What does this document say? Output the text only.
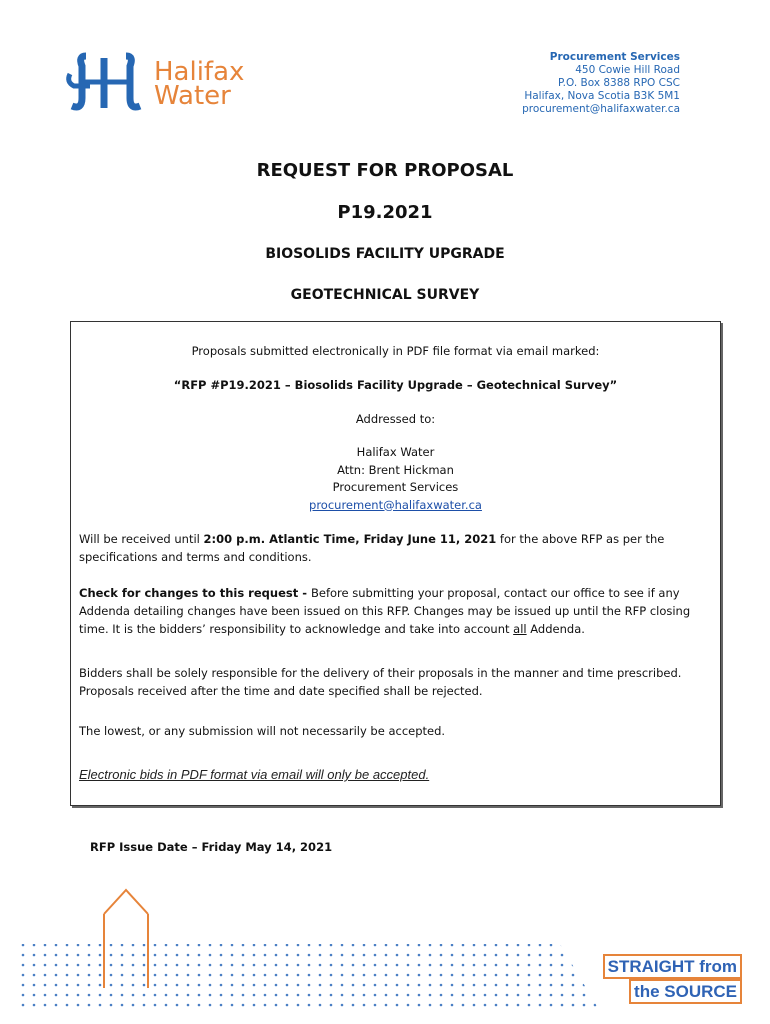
Halifax
Water
Procurement Services
450 Cowie Hill Road
P.O. Box 8388 RPO CSC
Halifax, Nova Scotia B3K 5M1
procurement@halifaxwater.ca
REQUEST FOR PROPOSAL
P19.2021
BIOSOLIDS FACILITY UPGRADE
GEOTECHNICAL SURVEY

Proposals submitted electronically in PDF file format via email marked:

“RFP #P19.2021 – Biosolids Facility Upgrade – Geotechnical Survey”

Addressed to:

Halifax Water
Attn: Brent Hickman
Procurement Services
procurement@halifaxwater.ca

Will be received until 2:00 p.m. Atlantic Time, Friday June 11, 2021 for the above RFP as per the specifications and terms and conditions.

Check for changes to this request - Before submitting your proposal, contact our office to see if any Addenda detailing changes have been issued on this RFP. Changes may be issued up until the RFP closing time. It is the bidders’ responsibility to acknowledge and take into account all Addenda.

Bidders shall be solely responsible for the delivery of their proposals in the manner and time prescribed. Proposals received after the time and date specified shall be rejected.

The lowest, or any submission will not necessarily be accepted.

Electronic bids in PDF format via email will only be accepted.

RFP Issue Date – Friday May 14, 2021
STRAIGHT from
the SOURCE
